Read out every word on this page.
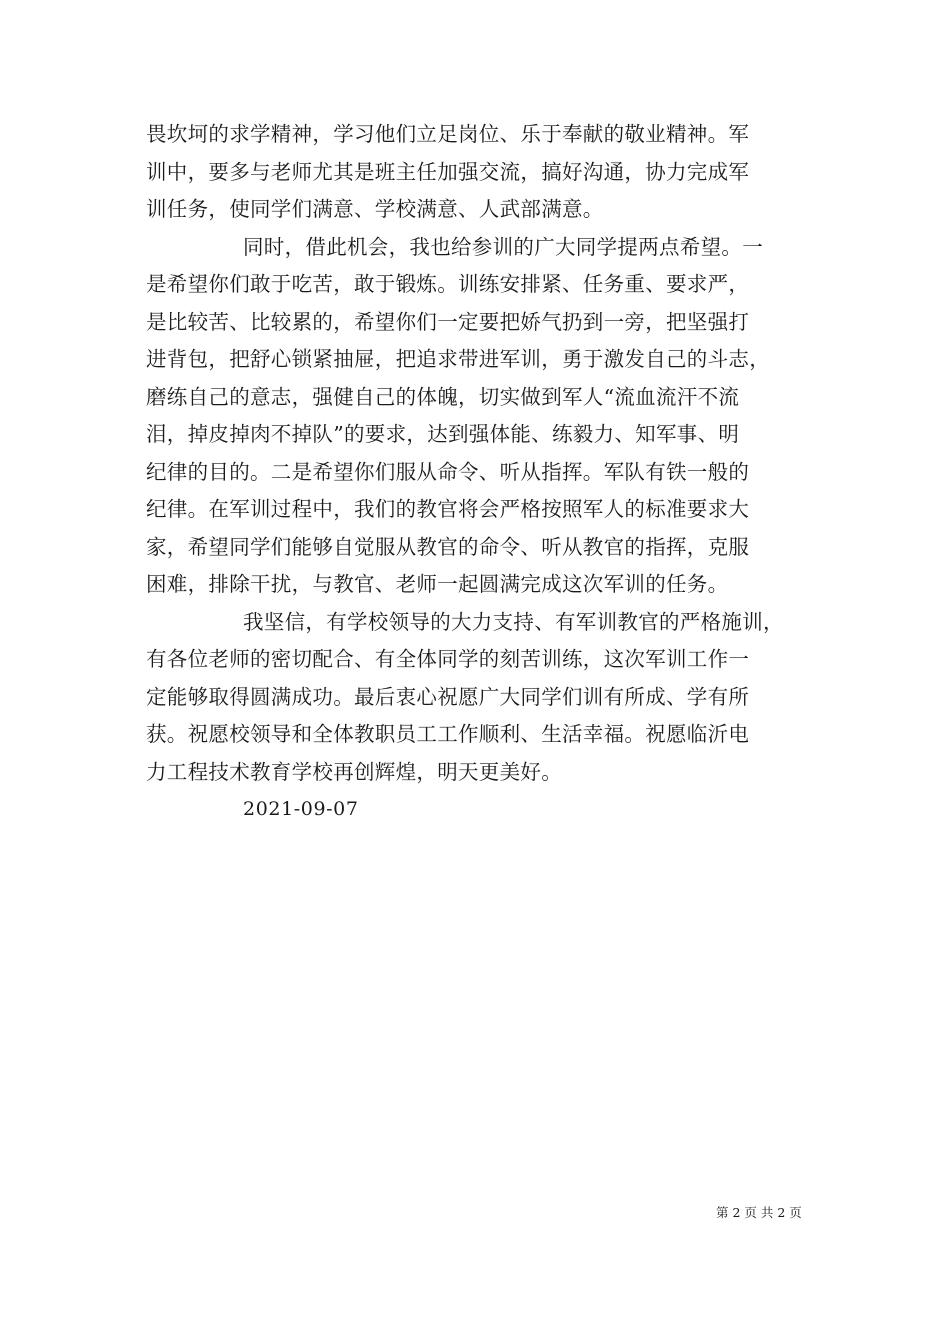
畏坎坷的求学精神，学习他们立足岗位、乐于奉献的敬业精神。军
训中，要多与老师尤其是班主任加强交流，搞好沟通，协力完成军
训任务，使同学们满意、学校满意、人武部满意。
同时，借此机会，我也给参训的广大同学提两点希望。一
是希望你们敢于吃苦，敢于锻炼。训练安排紧、任务重、要求严，
是比较苦、比较累的，希望你们一定要把娇气扔到一旁，把坚强打
进背包，把舒心锁紧抽屉，把追求带进军训，勇于激发自己的斗志，
磨练自己的意志，强健自己的体魄，切实做到军人“流血流汗不流
泪，掉皮掉肉不掉队”的要求，达到强体能、练毅力、知军事、明
纪律的目的。二是希望你们服从命令、听从指挥。军队有铁一般的
纪律。在军训过程中，我们的教官将会严格按照军人的标准要求大
家，希望同学们能够自觉服从教官的命令、听从教官的指挥，克服
困难，排除干扰，与教官、老师一起圆满完成这次军训的任务。
我坚信，有学校领导的大力支持、有军训教官的严格施训，
有各位老师的密切配合、有全体同学的刻苦训练，这次军训工作一
定能够取得圆满成功。最后衷心祝愿广大同学们训有所成、学有所
获。祝愿校领导和全体教职员工工作顺利、生活幸福。祝愿临沂电
力工程技术教育学校再创辉煌，明天更美好。
2021-09-07
第 2 页 共 2 页
